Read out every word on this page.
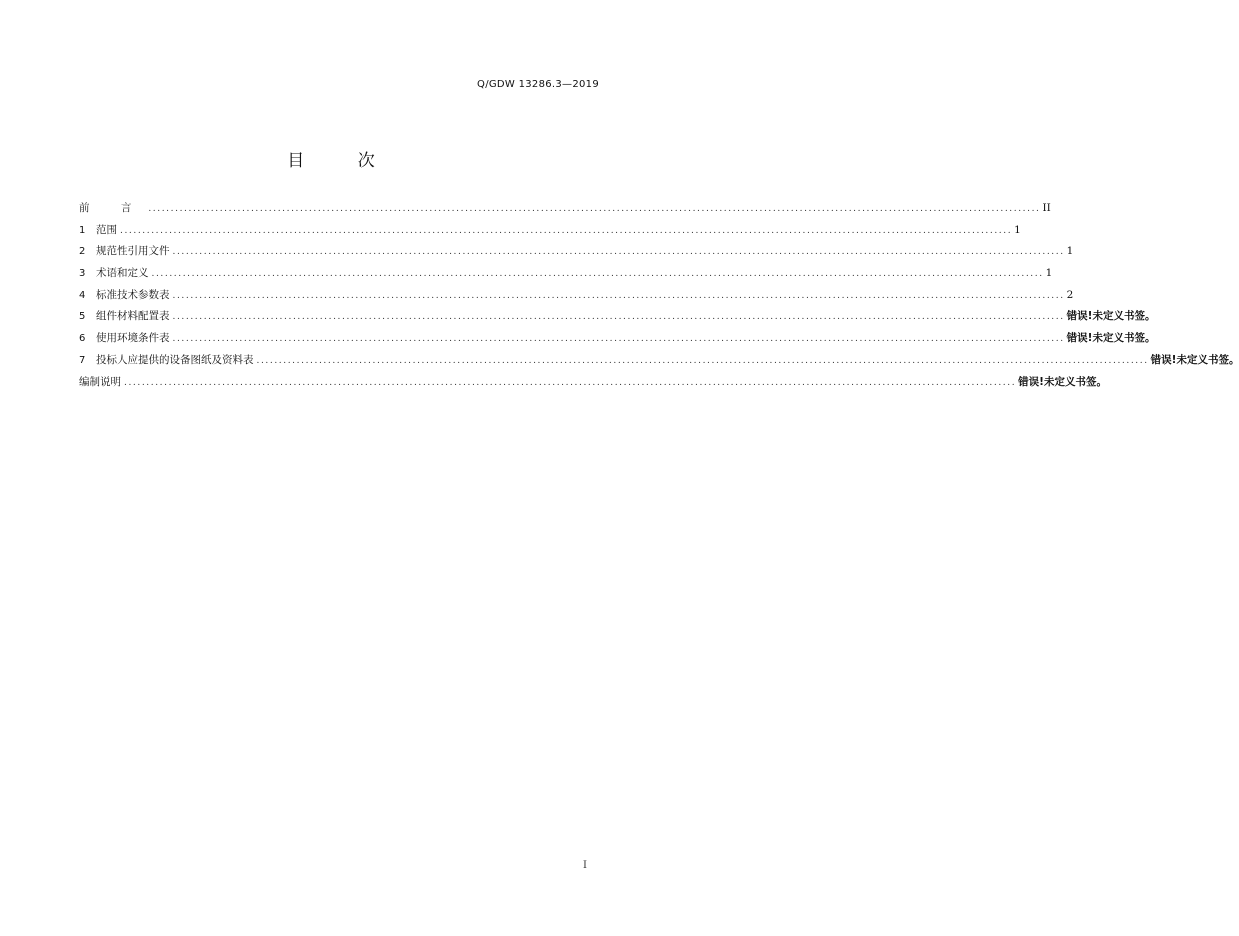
Q/GDW 13286.3—2019
目 次
前 言 ........................................................................................................................................................................................................ II
1	范围 ........................................................................................................................................................................................................ 1
2	规范性引用文件 ........................................................................................................................................................................................................ 1
3	术语和定义 ........................................................................................................................................................................................................ 1
4	标准技术参数表 ........................................................................................................................................................................................................ 2
5	组件材料配置表 ........................................................................................................................................................................................................ 错误!未定义书签。
6	使用环境条件表 ........................................................................................................................................................................................................ 错误!未定义书签。
7	投标人应提供的设备图纸及资料表 ........................................................................................................................................................................................................ 错误!未定义书签。
编制说明 ........................................................................................................................................................................................................ 错误!未定义书签。
I
